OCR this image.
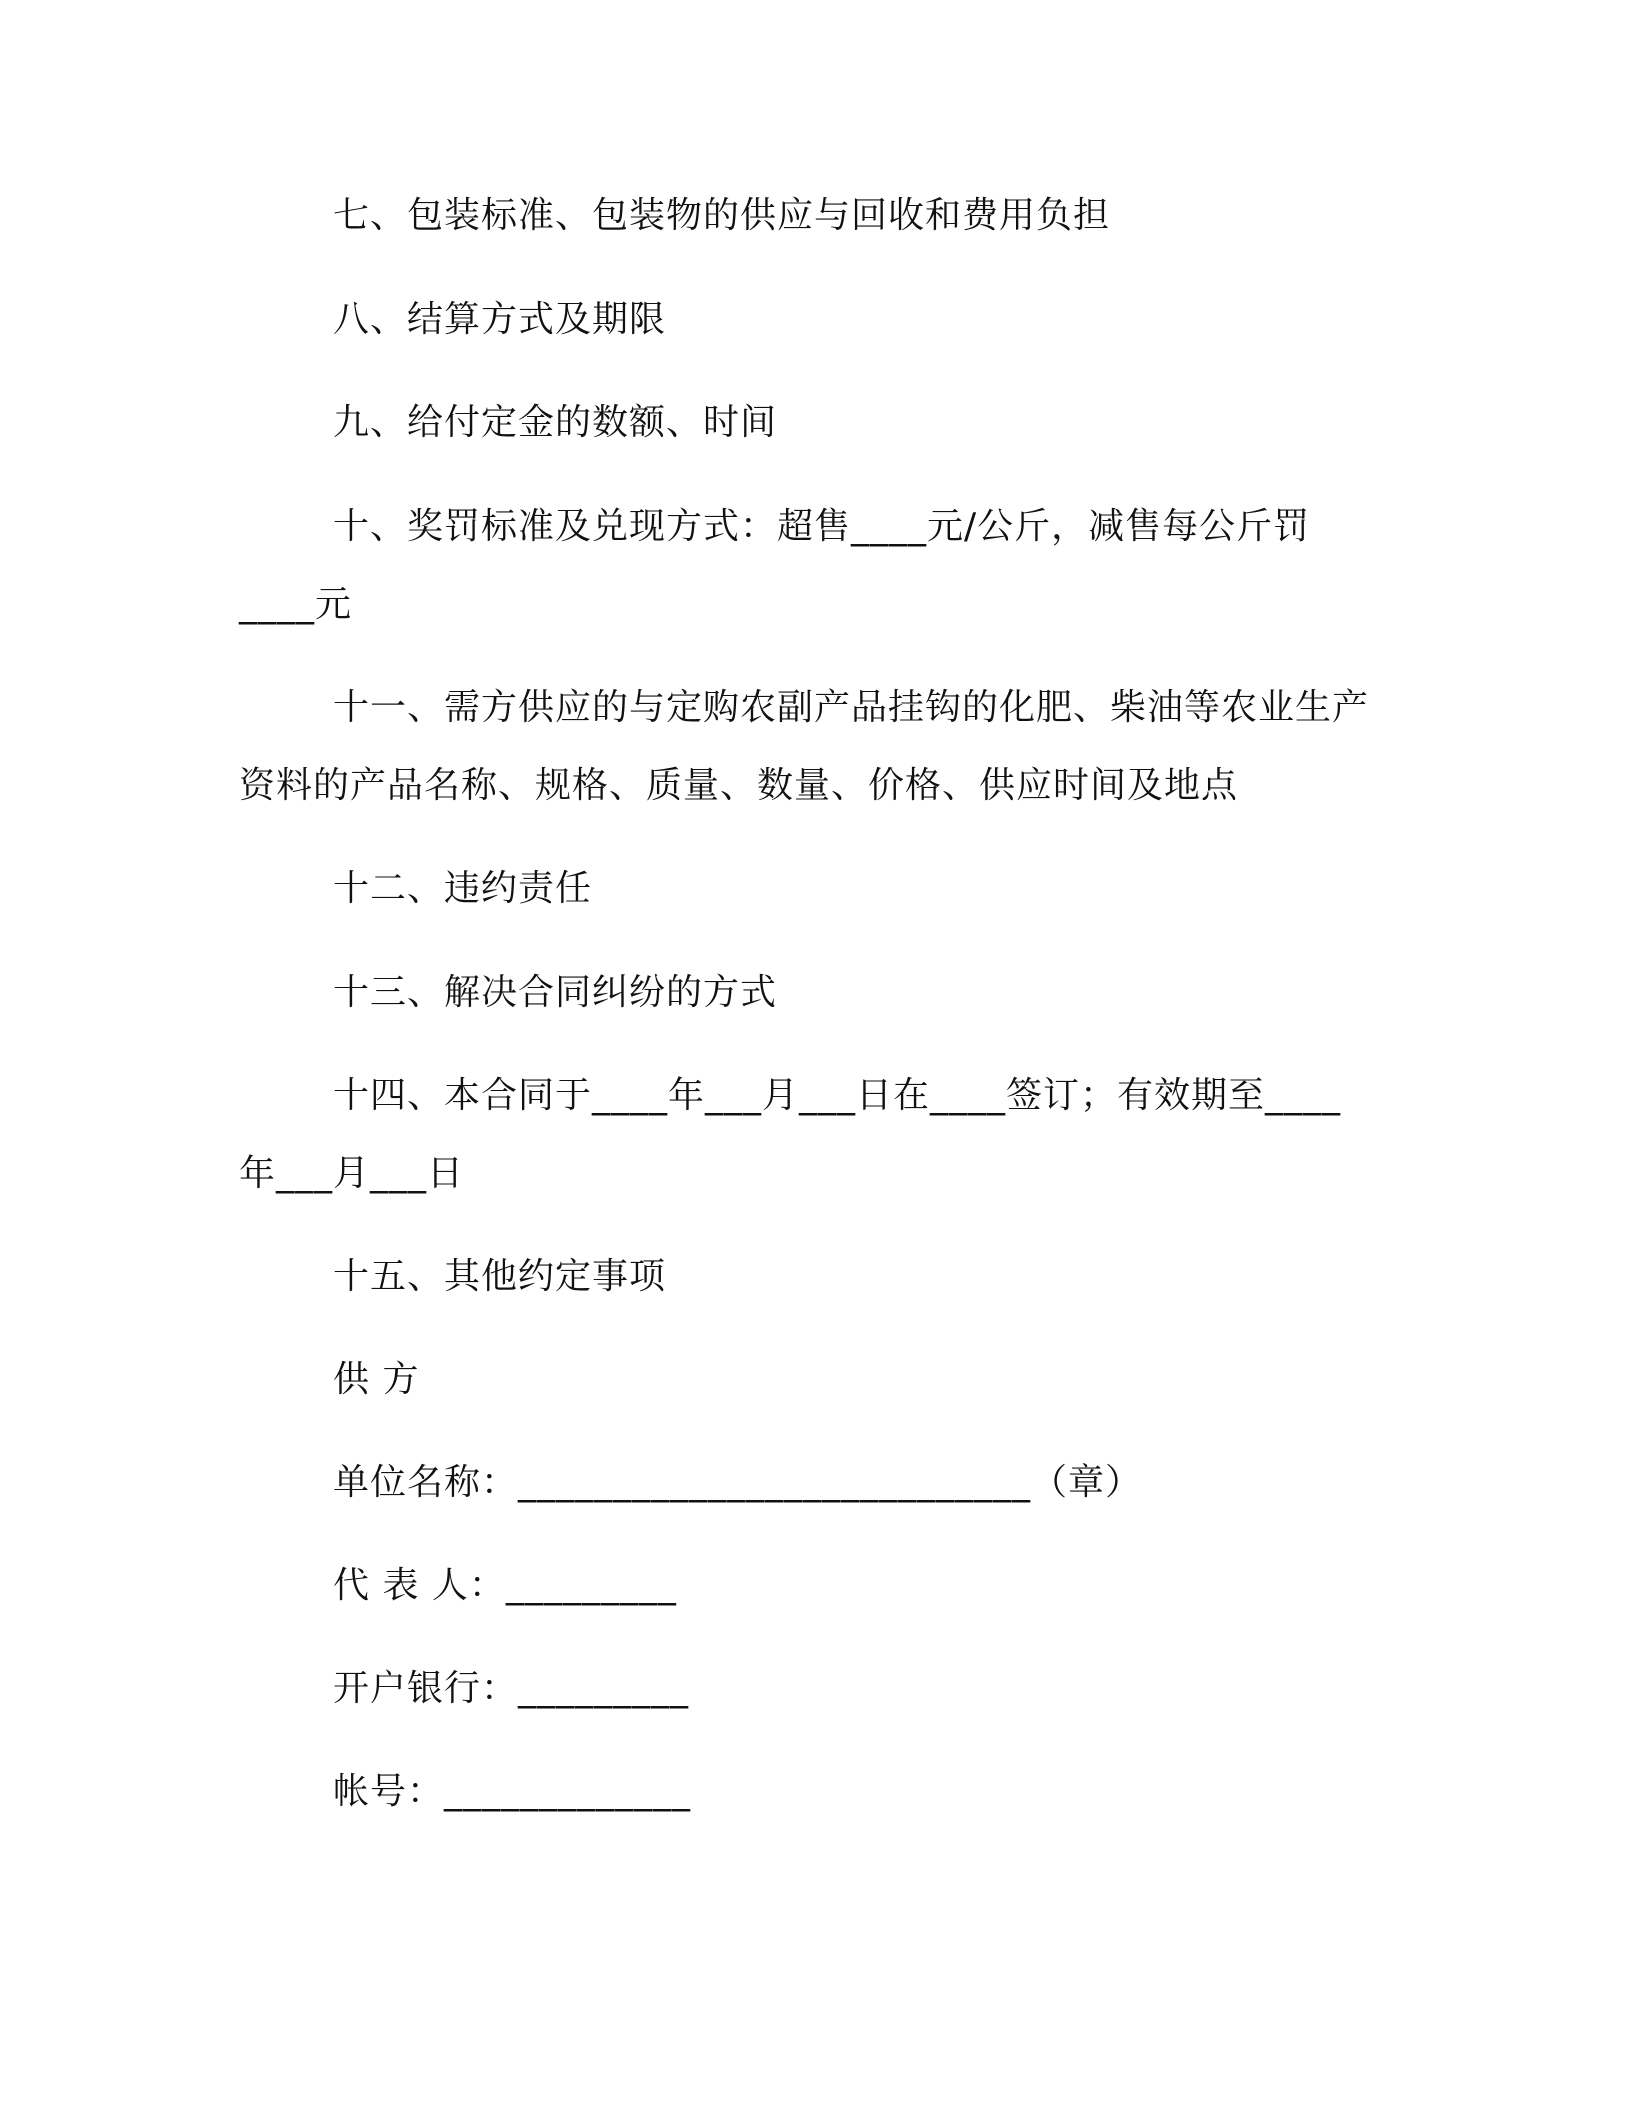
七、包装标准、包装物的供应与回收和费用负担
八、结算方式及期限
九、给付定金的数额、时间
十、奖罚标准及兑现方式：超售____元/公斤，减售每公斤罚
____元
十一、需方供应的与定购农副产品挂钩的化肥、柴油等农业生产
资料的产品名称、规格、质量、数量、价格、供应时间及地点
十二、违约责任
十三、解决合同纠纷的方式
十四、本合同于____年___月___日在____签订；有效期至____
年___月___日
十五、其他约定事项
供 方
单位名称：___________________________（章）
代 表 人：_________
开户银行：_________
帐号：_____________
